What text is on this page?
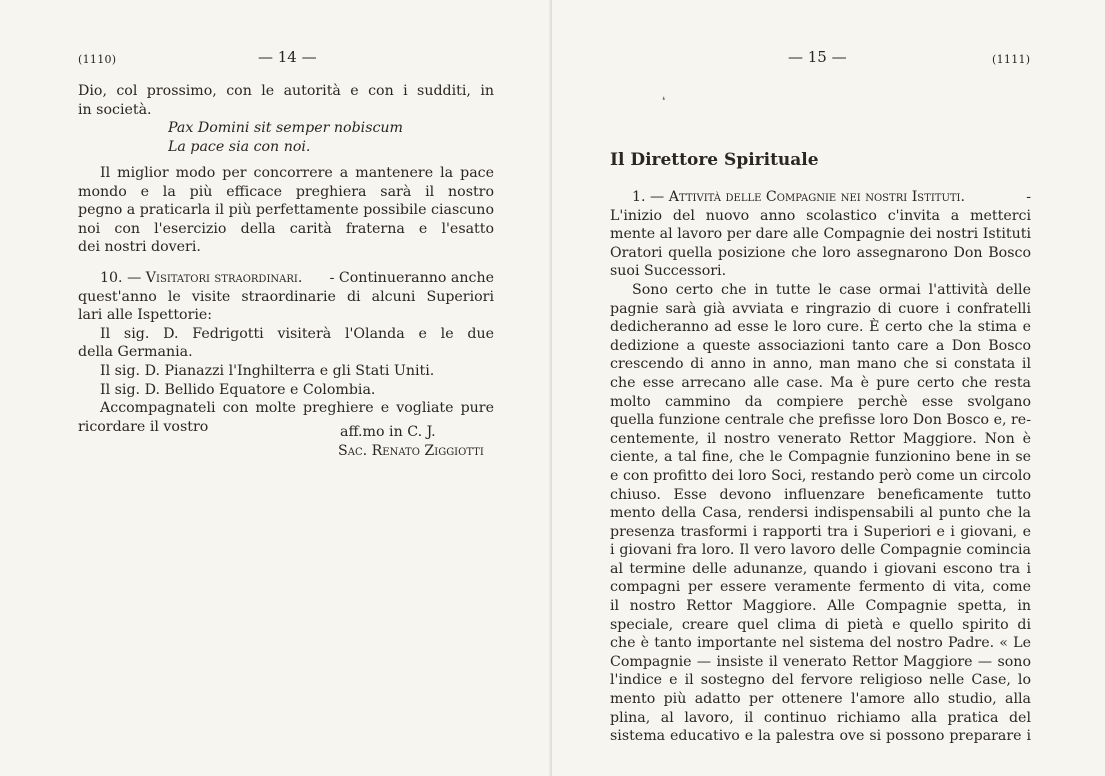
(1110)	— 14 —
Dio, col prossimo, con le autorità e con i sudditi, in
in società.
Pax Domini sit semper nobiscum
La pace sia con noi.
Il miglior modo per concorrere a mantenere la pace
mondo e la più efficace preghiera sarà il nostro
pegno a praticarla il più perfettamente possibile ciascuno
noi con l'esercizio della carità fraterna e l'esatto
dei nostri doveri.
10. — Visitatori straordinari. - Continueranno anche
quest'anno le visite straordinarie di alcuni Superiori
lari alle Ispettorie:
Il sig. D. Fedrigotti visiterà l'Olanda e le due
della Germania.
Il sig. D. Pianazzi l'Inghilterra e gli Stati Uniti.
Il sig. D. Bellido Equatore e Colombia.
Accompagnateli con molte preghiere e vogliate pure
ricordare il vostro	aff.mo in C. J.
Sac. Renato Ziggiotti
— 15 —	(1111)
❛
Il Direttore Spirituale
1. — Attività delle Compagnie nei nostri Istituti.	-
L'inizio del nuovo anno scolastico c'invita a metterci
mente al lavoro per dare alle Compagnie dei nostri Istituti
Oratori quella posizione che loro assegnarono Don Bosco
suoi Successori.
Sono certo che in tutte le case ormai l'attività delle
pagnie sarà già avviata e ringrazio di cuore i confratelli
dedicheranno ad esse le loro cure. È certo che la stima e
dedizione a queste associazioni tanto care a Don Bosco
crescendo di anno in anno, man mano che si constata il
che esse arrecano alle case. Ma è pure certo che resta
molto cammino da compiere perchè esse svolgano
quella funzione centrale che prefisse loro Don Bosco e, re-
centemente, il nostro venerato Rettor Maggiore. Non è
ciente, a tal fine, che le Compagnie funzionino bene in se
e con profitto dei loro Soci, restando però come un circolo
chiuso. Esse devono influenzare beneficamente tutto
mento della Casa, rendersi indispensabili al punto che la
presenza trasformi i rapporti tra i Superiori e i giovani, e
i giovani fra loro. Il vero lavoro delle Compagnie comincia
al termine delle adunanze, quando i giovani escono tra i
compagni per essere veramente fermento di vita, come
il nostro Rettor Maggiore. Alle Compagnie spetta, in
speciale, creare quel clima di pietà e quello spirito di
che è tanto importante nel sistema del nostro Padre. « Le
Compagnie — insiste il venerato Rettor Maggiore — sono
l'indice e il sostegno del fervore religioso nelle Case, lo
mento più adatto per ottenere l'amore allo studio, alla
plina, al lavoro, il continuo richiamo alla pratica del
sistema educativo e la palestra ove si possono preparare i
